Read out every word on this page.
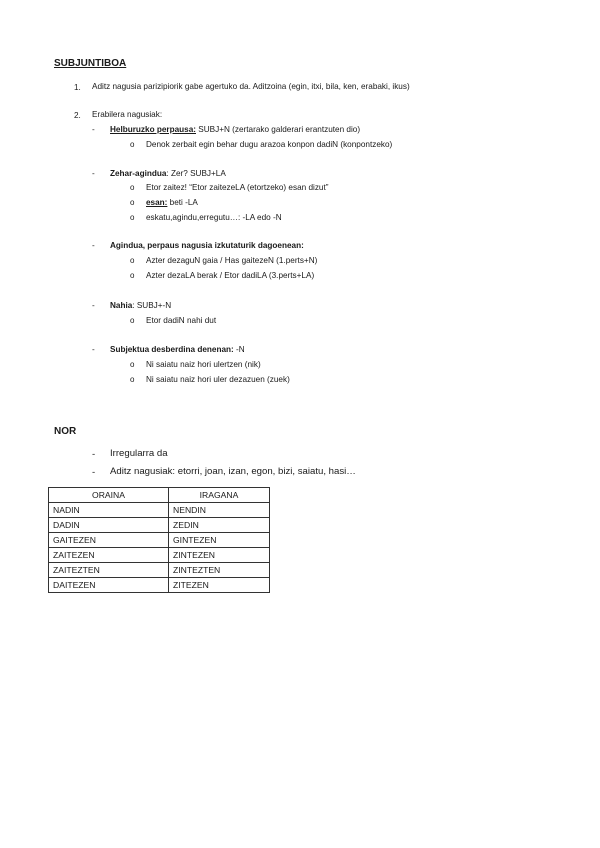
SUBJUNTIBOA
1. Aditz nagusia parizipiorik gabe agertuko da. Aditzoina (egin, itxi, bila, ken, erabaki, ikus)
2. Erabilera nagusiak:
- Helburuzko perpausa: SUBJ+N (zertarako galderari erantzuten dio)
o Denok zerbait egin behar dugu arazoa konpon dadiN (konpontzeko)
- Zehar-agindua: Zer? SUBJ+LA
o Etor zaitez! “Etor zaitezeLA (etortzeko) esan dizut”
o esan: beti -LA
o eskatu,agindu,erregutu…: -LA edo -N
- Agindua, perpaus nagusia izkutaturik dagoenean:
o Azter dezaguN gaia / Has gaitezeN (1.perts+N)
o Azter dezaLA berak / Etor dadiLA (3.perts+LA)
- Nahia: SUBJ+-N
o Etor dadiN nahi dut
- Subjektua desberdina denenan: -N
o Ni saiatu naiz hori ulertzen (nik)
o Ni saiatu naiz hori uler dezazuen (zuek)
NOR
- Irregularra da
- Aditz nagusiak: etorri, joan, izan, egon, bizi, saiatu, hasi…
ORAINA	IRAGANA
NADIN	NENDIN
DADIN	ZEDIN
GAITEZEN	GINTEZEN
ZAITEZEN	ZINTEZEN
ZAITEZTEN	ZINTEZTEN
DAITEZEN	ZITEZEN
